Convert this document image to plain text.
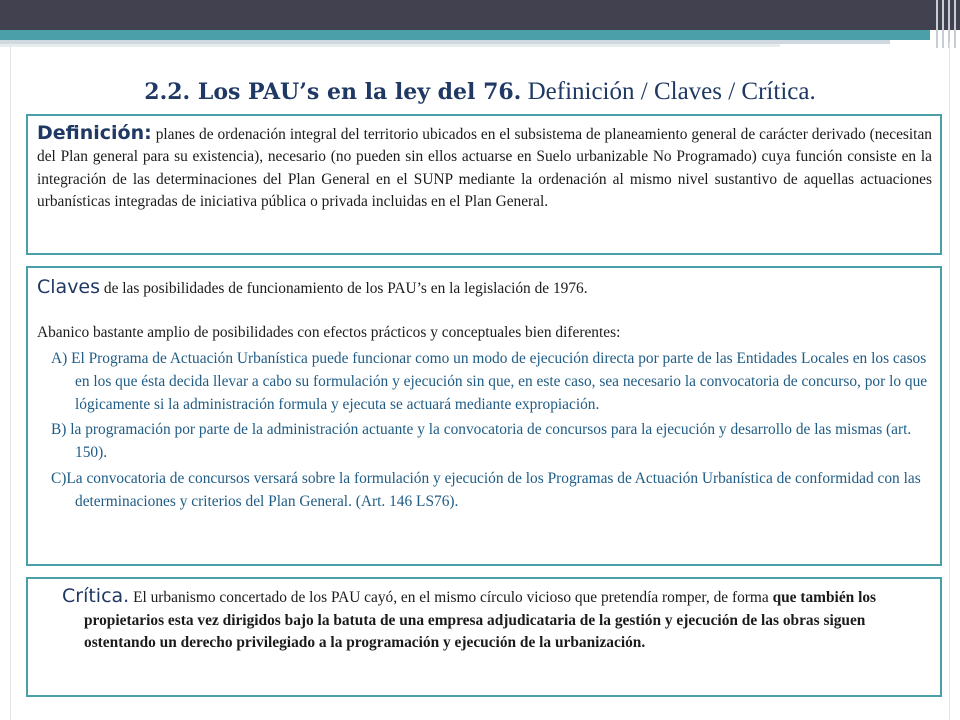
2.2. Los PAU’s en la ley del 76. Definición / Claves / Crítica.

Definición: planes de ordenación integral del territorio ubicados en el subsistema de planeamiento general de carácter derivado (necesitan del Plan general para su existencia), necesario (no pueden sin ellos actuarse en Suelo urbanizable No Programado) cuya función consiste en la integración de las determinaciones del Plan General en el SUNP mediante la ordenación al mismo nivel sustantivo de aquellas actuaciones urbanísticas integradas de iniciativa pública o privada incluidas en el Plan General.

Claves de las posibilidades de funcionamiento de los PAU’s en la legislación de 1976.

Abanico bastante amplio de posibilidades con efectos prácticos y conceptuales bien diferentes:

A) El Programa de Actuación Urbanística puede funcionar como un modo de ejecución directa por parte de las Entidades Locales en los casos en los que ésta decida llevar a cabo su formulación y ejecución sin que, en este caso, sea necesario la convocatoria de concurso, por lo que lógicamente si la administración formula y ejecuta se actuará mediante expropiación.

B) la programación por parte de la administración actuante y la convocatoria de concursos para la ejecución y desarrollo de las mismas (art. 150).

C)La convocatoria de concursos versará sobre la formulación y ejecución de los Programas de Actuación Urbanística de conformidad con las determinaciones y criterios del Plan General. (Art. 146 LS76).

Crítica. El urbanismo concertado de los PAU cayó, en el mismo círculo vicioso que pretendía romper, de forma que también los propietarios esta vez dirigidos bajo la batuta de una empresa adjudicataria de la gestión y ejecución de las obras siguen ostentando un derecho privilegiado a la programación y ejecución de la urbanización.
